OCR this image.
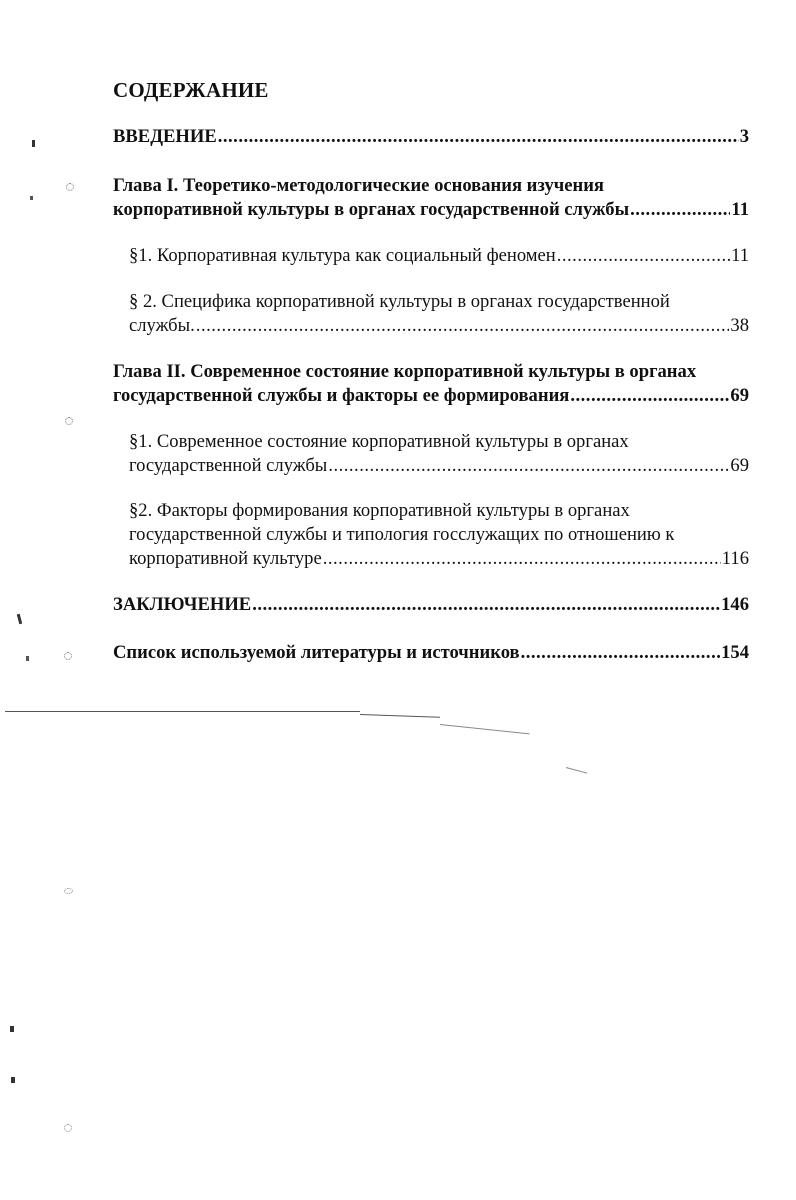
СОДЕРЖАНИЕ
ВВЕДЕНИЕ .....	3
Глава I. Теоретико-методологические основания изучения
корпоративной культуры в органах государственной службы .....	11
§1. Корпоративная культура как социальный феномен .....	11
§ 2. Специфика корпоративной культуры в органах государственной
службы. .....	38
Глава II. Современное состояние корпоративной культуры в органах
государственной службы и факторы ее формирования .....	69
§1. Современное состояние корпоративной культуры в органах
государственной службы .....	69
§2. Факторы формирования корпоративной культуры в органах
государственной службы и типология госслужащих по отношению к
корпоративной культуре .....	116
ЗАКЛЮЧЕНИЕ .....	146
Список используемой литературы и источников .....	154
